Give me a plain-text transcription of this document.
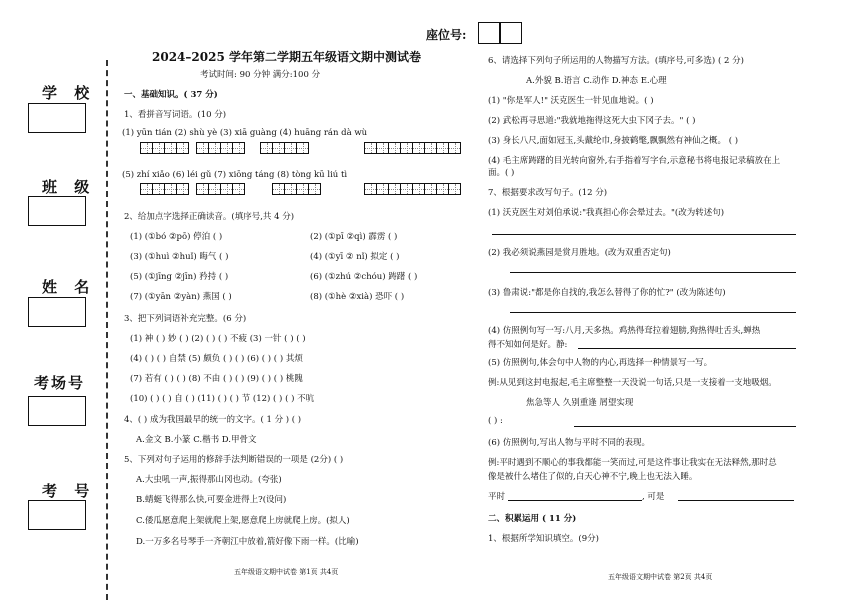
座位号:
2024–2025 学年第二学期五年级语文期中测试卷
考试时间: 90 分钟 满分:100 分
学 校
班 级
姓 名
考场号
考 号
一、基础知识。( 37 分)
1、看拼音写词语。(10 分)
(1) yūn tián (2) shù yè (3) xiā guàng (4) huāng rán dà wù
(5) zhí xiǎo (6) léi gǔ (7) xiōng táng (8) tòng kū liú tì
2、给加点字选择正确读音。(填序号,共 4 分)
(1) (①bó ②pō) 停泊 ( )	(2) (①pī ②qì) 霹雳 ( )
(3) (①huì ②huǐ) 晦气 ( )	(4) (①yī ② nǐ) 拟定 ( )
(5) (①jīng ②jīn) 矜持 ( )	(6) (①zhú ②chóu) 踌躇 ( )
(7) (①yān ②yàn) 燕国 ( )	(8) (①hè ②xià) 恐吓 ( )
3、把下列词语补充完整。(6 分)
(1) 神 ( ) 妙 ( ) (2) ( ) ( ) 不疲 (3) 一针 ( ) ( )
(4) ( ) ( ) 自禁 (5) 颇负 ( ) ( ) (6) ( ) ( ) 其烦
(7) 若有 ( ) ( ) (8) 不由 ( ) ( ) (9) ( ) ( ) 桃隗
(10) ( ) ( ) 自 ( ) (11) ( ) ( ) 节 (12) ( ) ( ) 不吭
4、( ) 成为我国最早的统一的文字。( 1 分 ) ( )
A.金文 B.小篆 C.楷书 D.甲骨文
5、下列对句子运用的修辞手法判断错误的一项是 (2分) ( )
A.大虫吼一声,振得那山冈也动。(夸张)
B.蜻蜓飞得那么快,可要金进得上?(设问)
C.倭瓜愿意爬上架就爬上架,愿意爬上房就爬上房。(拟人)
D.一万多名号琴手一齐朝江中放着,箭好像下雨一样。(比喻)
五年级语文期中试卷 第1页 共4页
6、请选择下列句子所运用的人物描写方法。(填序号,可多选) ( 2 分)
A.外貌 B.语言 C.动作 D.神态 E.心理
(1) "你是军人!" 沃克医生一针见血地说。( )
(2) 武松再寻思道:"我就地拖得这死大虫下冈子去。" ( )
(3) 身长八尺,面如冠玉,头戴纶巾,身披鹤氅,飘飘然有神仙之概。 ( )
(4) 毛主席踌躇的目光转向窗外,右手指着写字台,示意秘书将电报记录稿放在上
面。( )
7、根据要求改写句子。(12 分)
(1) 沃克医生对刘伯承说:"我真担心你会晕过去。"(改为转述句)
(2) 我必须说燕园是赏月胜地。(改为双重否定句)
(3) 鲁肃说:"都是你自找的,我怎么替得了你的忙?" (改为陈述句)
(4) 仿照例句写一写:八月,天多热。鸡热得耷拉着翅膀,狗热得吐舌头,蝉热
得不知如何是好。静:
(5) 仿照例句,体会句中人物的内心,再选择一种情景写一写。
例:从见到这封电报起,毛主席整整一天没说一句话,只是一支接着一支地吸烟。
焦急等人 久别重逢 屑望实现
( ) :
(6) 仿照例句,写出人物与平时不同的表现。
例:平时遇到不顺心的事我都能一笑而过,可是这件事让我实在无法释然,那时总
像是被什么堵住了似的,白天心神不宁,晚上也无法入睡。
平时	, 可是
二、积累运用 ( 11 分)
1、根据所学知识填空。(9分)
五年级语文期中试卷 第2页 共4页
